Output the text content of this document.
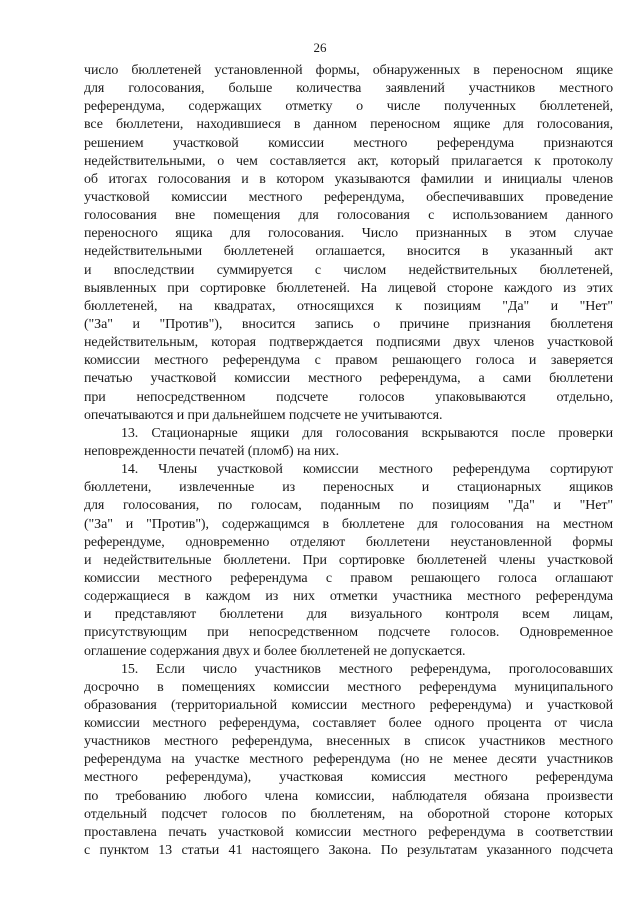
26
число бюллетеней установленной формы, обнаруженных в переносном ящике
для голосования, больше количества заявлений участников местного
референдума, содержащих отметку о числе полученных бюллетеней,
все бюллетени, находившиеся в данном переносном ящике для голосования,
решением участковой комиссии местного референдума признаются
недействительными, о чем составляется акт, который прилагается к протоколу
об итогах голосования и в котором указываются фамилии и инициалы членов
участковой комиссии местного референдума, обеспечивавших проведение
голосования вне помещения для голосования с использованием данного
переносного ящика для голосования. Число признанных в этом случае
недействительными бюллетеней оглашается, вносится в указанный акт
и впоследствии суммируется с числом недействительных бюллетеней,
выявленных при сортировке бюллетеней. На лицевой стороне каждого из этих
бюллетеней, на квадратах, относящихся к позициям "Да" и "Нет"
("За" и "Против"), вносится запись о причине признания бюллетеня
недействительным, которая подтверждается подписями двух членов участковой
комиссии местного референдума с правом решающего голоса и заверяется
печатью участковой комиссии местного референдума, а сами бюллетени
при непосредственном подсчете голосов упаковываются отдельно,
опечатываются и при дальнейшем подсчете не учитываются.
13. Стационарные ящики для голосования вскрываются после проверки
неповрежденности печатей (пломб) на них.
14. Члены участковой комиссии местного референдума сортируют
бюллетени, извлеченные из переносных и стационарных ящиков
для голосования, по голосам, поданным по позициям "Да" и "Нет"
("За" и "Против"), содержащимся в бюллетене для голосования на местном
референдуме, одновременно отделяют бюллетени неустановленной формы
и недействительные бюллетени. При сортировке бюллетеней члены участковой
комиссии местного референдума с правом решающего голоса оглашают
содержащиеся в каждом из них отметки участника местного референдума
и представляют бюллетени для визуального контроля всем лицам,
присутствующим при непосредственном подсчете голосов. Одновременное
оглашение содержания двух и более бюллетеней не допускается.
15. Если число участников местного референдума, проголосовавших
досрочно в помещениях комиссии местного референдума муниципального
образования (территориальной комиссии местного референдума) и участковой
комиссии местного референдума, составляет более одного процента от числа
участников местного референдума, внесенных в список участников местного
референдума на участке местного референдума (но не менее десяти участников
местного референдума), участковая комиссия местного референдума
по требованию любого члена комиссии, наблюдателя обязана произвести
отдельный подсчет голосов по бюллетеням, на оборотной стороне которых
проставлена печать участковой комиссии местного референдума в соответствии
с пунктом 13 статьи 41 настоящего Закона. По результатам указанного подсчета
